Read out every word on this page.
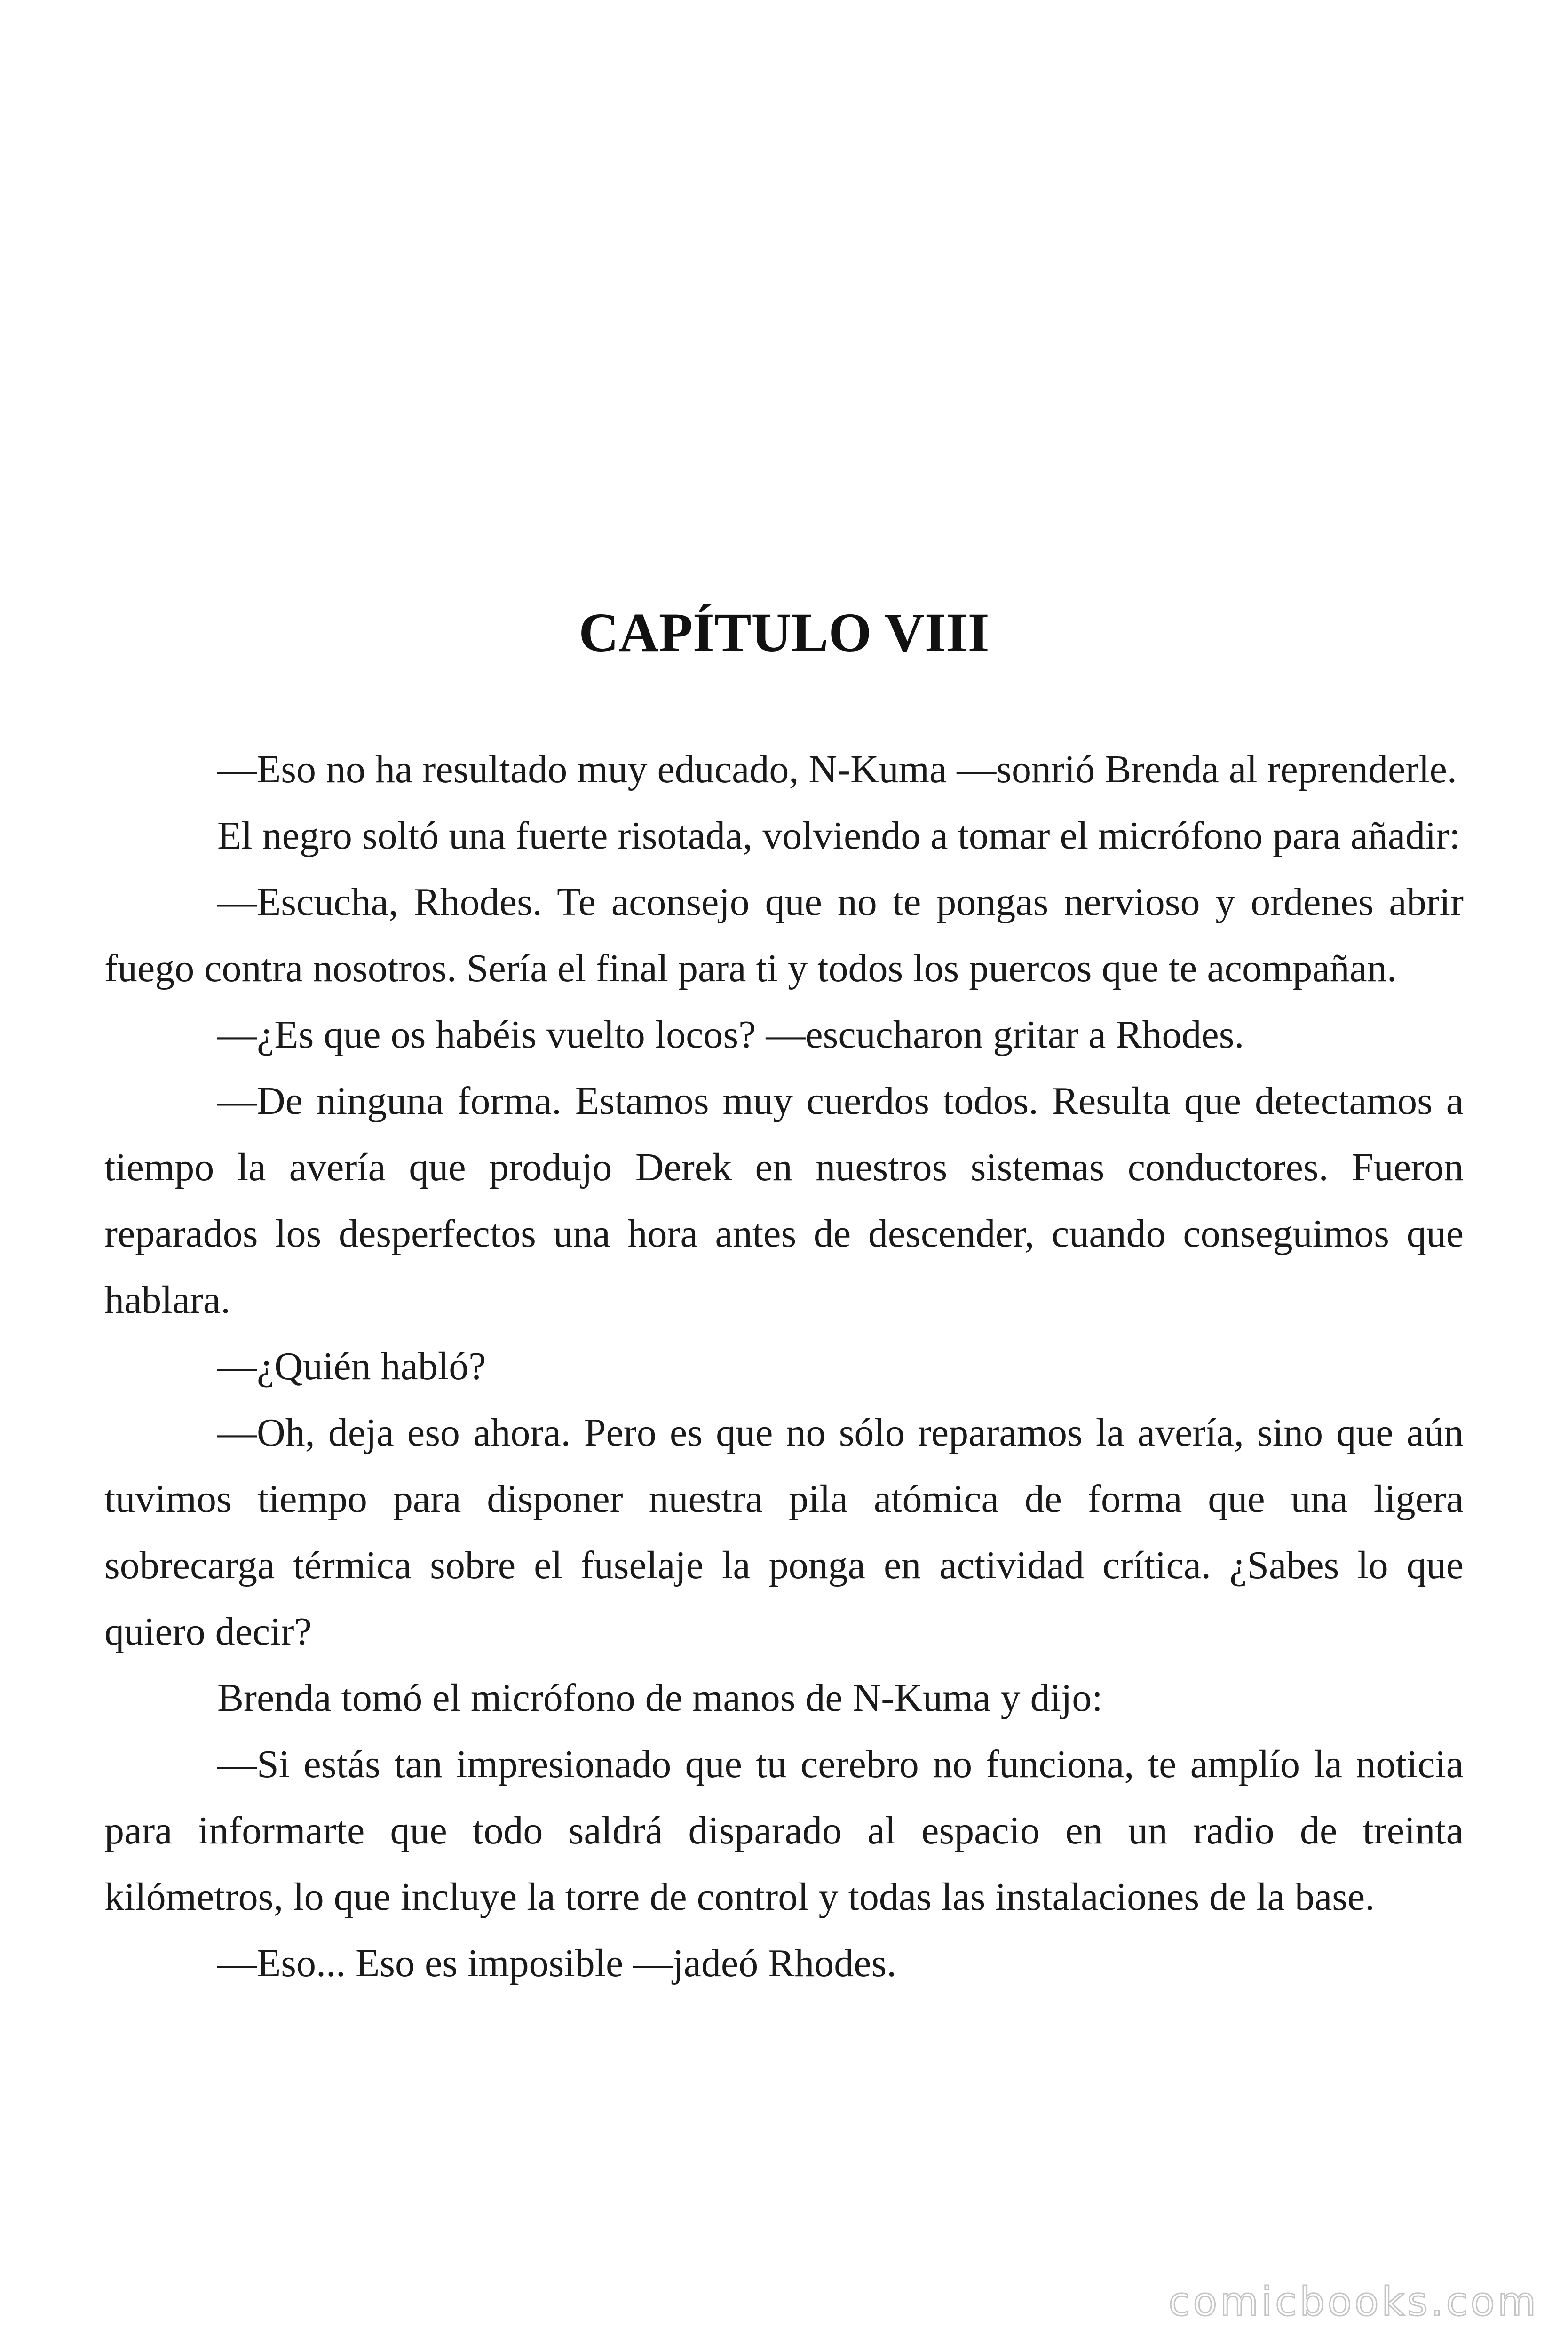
CAPÍTULO VIII

—Eso no ha resultado muy educado, N-Kuma —sonrió Brenda al reprenderle.

El negro soltó una fuerte risotada, volviendo a tomar el micrófono para añadir:

—Escucha, Rhodes. Te aconsejo que no te pongas nervioso y ordenes abrir fuego contra nosotros. Sería el final para ti y todos los puercos que te acompañan.

—¿Es que os habéis vuelto locos? —escucharon gritar a Rhodes.

—De ninguna forma. Estamos muy cuerdos todos. Resulta que detectamos a tiempo la avería que produjo Derek en nuestros sistemas conductores. Fueron reparados los desperfectos una hora antes de descender, cuando conseguimos que hablara.

—¿Quién habló?

—Oh, deja eso ahora. Pero es que no sólo reparamos la avería, sino que aún tuvimos tiempo para disponer nuestra pila atómica de forma que una ligera sobrecarga térmica sobre el fuselaje la ponga en actividad crítica. ¿Sabes lo que quiero decir?

Brenda tomó el micrófono de manos de N-Kuma y dijo:

—Si estás tan impresionado que tu cerebro no funciona, te amplío la noticia para informarte que todo saldrá disparado al espacio en un radio de treinta kilómetros, lo que incluye la torre de control y todas las instalaciones de la base.

—Eso... Eso es imposible —jadeó Rhodes.

comicbooks.com
